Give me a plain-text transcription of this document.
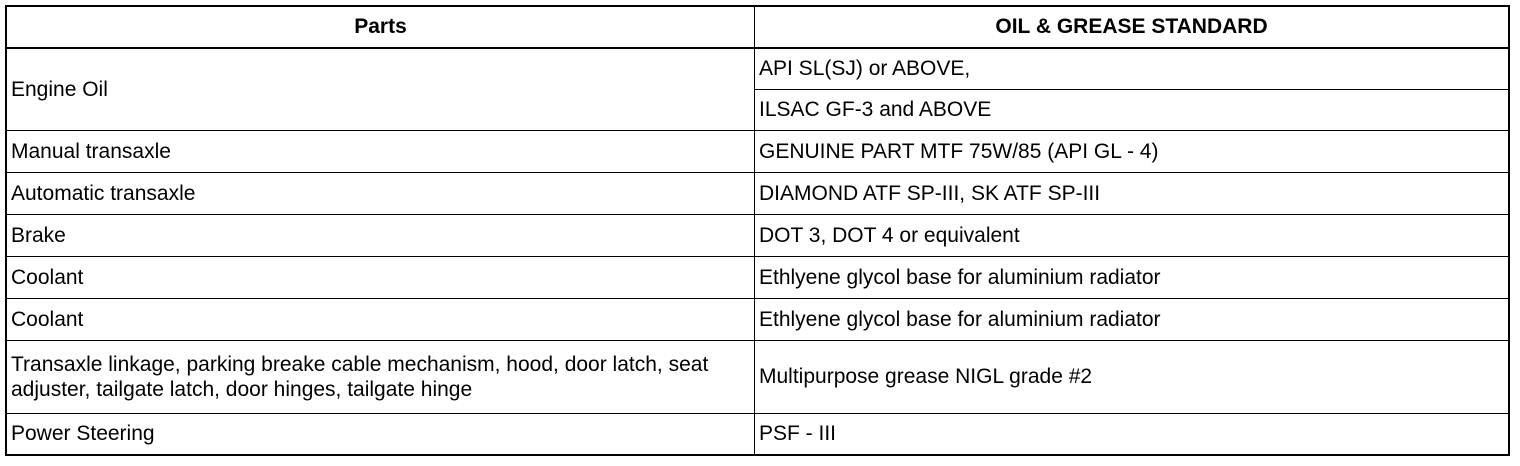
Parts	OIL & GREASE STANDARD
Engine Oil	API SL(SJ) or ABOVE,
	ILSAC GF-3 and ABOVE
Manual transaxle	GENUINE PART MTF 75W/85 (API GL - 4)
Automatic transaxle	DIAMOND ATF SP-III, SK ATF SP-III
Brake	DOT 3, DOT 4 or equivalent
Coolant	Ethlyene glycol base for aluminium radiator
Coolant	Ethlyene glycol base for aluminium radiator
Transaxle linkage, parking breake cable mechanism, hood, door latch, seat adjuster, tailgate latch, door hinges, tailgate hinge	Multipurpose grease NIGL grade #2
Power Steering	PSF - III
